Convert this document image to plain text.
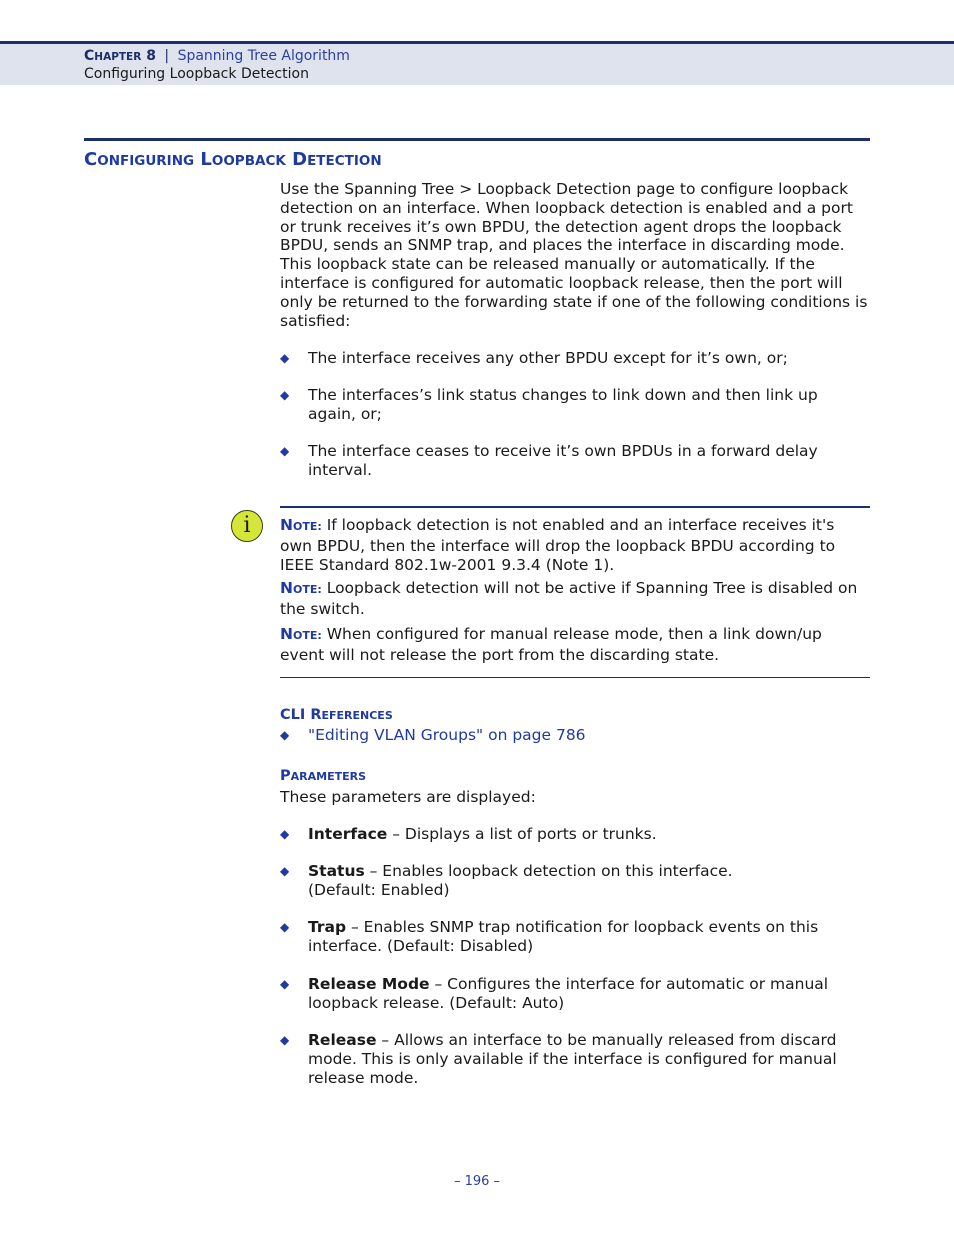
CHAPTER 8 | Spanning Tree Algorithm
Configuring Loopback Detection
CONFIGURING LOOPBACK DETECTION

Use the Spanning Tree > Loopback Detection page to configure loopback detection on an interface. When loopback detection is enabled and a port or trunk receives it’s own BPDU, the detection agent drops the loopback BPDU, sends an SNMP trap, and places the interface in discarding mode. This loopback state can be released manually or automatically. If the interface is configured for automatic loopback release, then the port will only be returned to the forwarding state if one of the following conditions is satisfied:

◆ The interface receives any other BPDU except for it’s own, or;
◆ The interfaces’s link status changes to link down and then link up again, or;
◆ The interface ceases to receive it’s own BPDUs in a forward delay interval.
i	NOTE: If loopback detection is not enabled and an interface receives it's own BPDU, then the interface will drop the loopback BPDU according to IEEE Standard 802.1w-2001 9.3.4 (Note 1).

NOTE: Loopback detection will not be active if Spanning Tree is disabled on the switch.

NOTE: When configured for manual release mode, then a link down/up event will not release the port from the discarding state.

CLI REFERENCES
◆ "Editing VLAN Groups" on page 786
PARAMETERS

These parameters are displayed:

◆ Interface – Displays a list of ports or trunks.
◆ Status – Enables loopback detection on this interface. (Default: Enabled)
◆ Trap – Enables SNMP trap notification for loopback events on this interface. (Default: Disabled)
◆ Release Mode – Configures the interface for automatic or manual loopback release. (Default: Auto)
◆ Release – Allows an interface to be manually released from discard mode. This is only available if the interface is configured for manual release mode.
– 196 –
